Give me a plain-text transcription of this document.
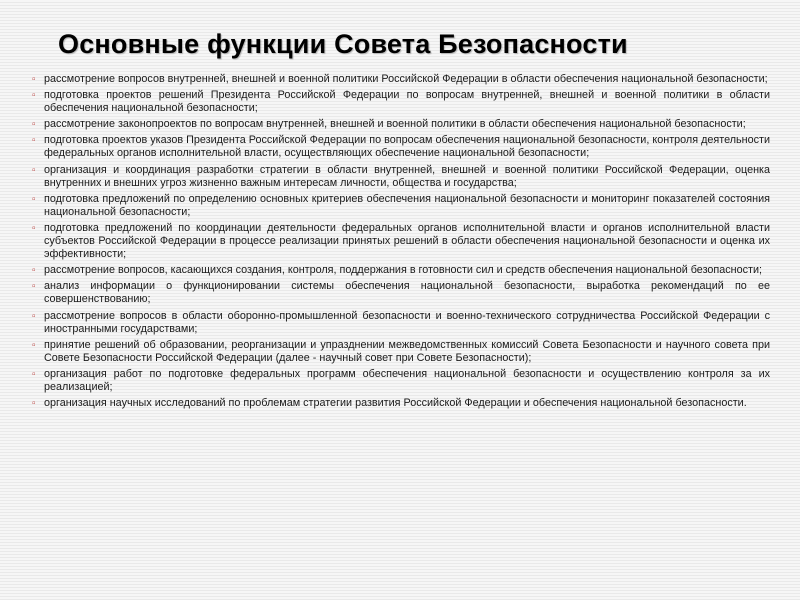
Основные функции Совета Безопасности
▫ рассмотрение вопросов внутренней, внешней и военной политики Российской Федерации в области обеспечения национальной безопасности;
▫ подготовка проектов решений Президента Российской Федерации по вопросам внутренней, внешней и военной политики в области обеспечения национальной безопасности;
▫ рассмотрение законопроектов по вопросам внутренней, внешней и военной политики в области обеспечения национальной безопасности;
▫ подготовка проектов указов Президента Российской Федерации по вопросам обеспечения национальной безопасности, контроля деятельности федеральных органов исполнительной власти, осуществляющих обеспечение национальной безопасности;
▫ организация и координация разработки стратегии в области внутренней, внешней и военной политики Российской Федерации, оценка внутренних и внешних угроз жизненно важным интересам личности, общества и государства;
▫ подготовка предложений по определению основных критериев обеспечения национальной безопасности и мониторинг показателей состояния национальной безопасности;
▫ подготовка предложений по координации деятельности федеральных органов исполнительной власти и органов исполнительной власти субъектов Российской Федерации в процессе реализации принятых решений в области обеспечения национальной безопасности и оценка их эффективности;
▫ рассмотрение вопросов, касающихся создания, контроля, поддержания в готовности сил и средств обеспечения национальной безопасности;
▫ анализ информации о функционировании системы обеспечения национальной безопасности, выработка рекомендаций по ее совершенствованию;
▫ рассмотрение вопросов в области оборонно-промышленной безопасности и военно-технического сотрудничества Российской Федерации с иностранными государствами;
▫ принятие решений об образовании, реорганизации и упразднении межведомственных комиссий Совета Безопасности и научного совета при Совете Безопасности Российской Федерации (далее - научный совет при Совете Безопасности);
▫ организация работ по подготовке федеральных программ обеспечения национальной безопасности и осуществлению контроля за их реализацией;
▫ организация научных исследований по проблемам стратегии развития Российской Федерации и обеспечения национальной безопасности.
